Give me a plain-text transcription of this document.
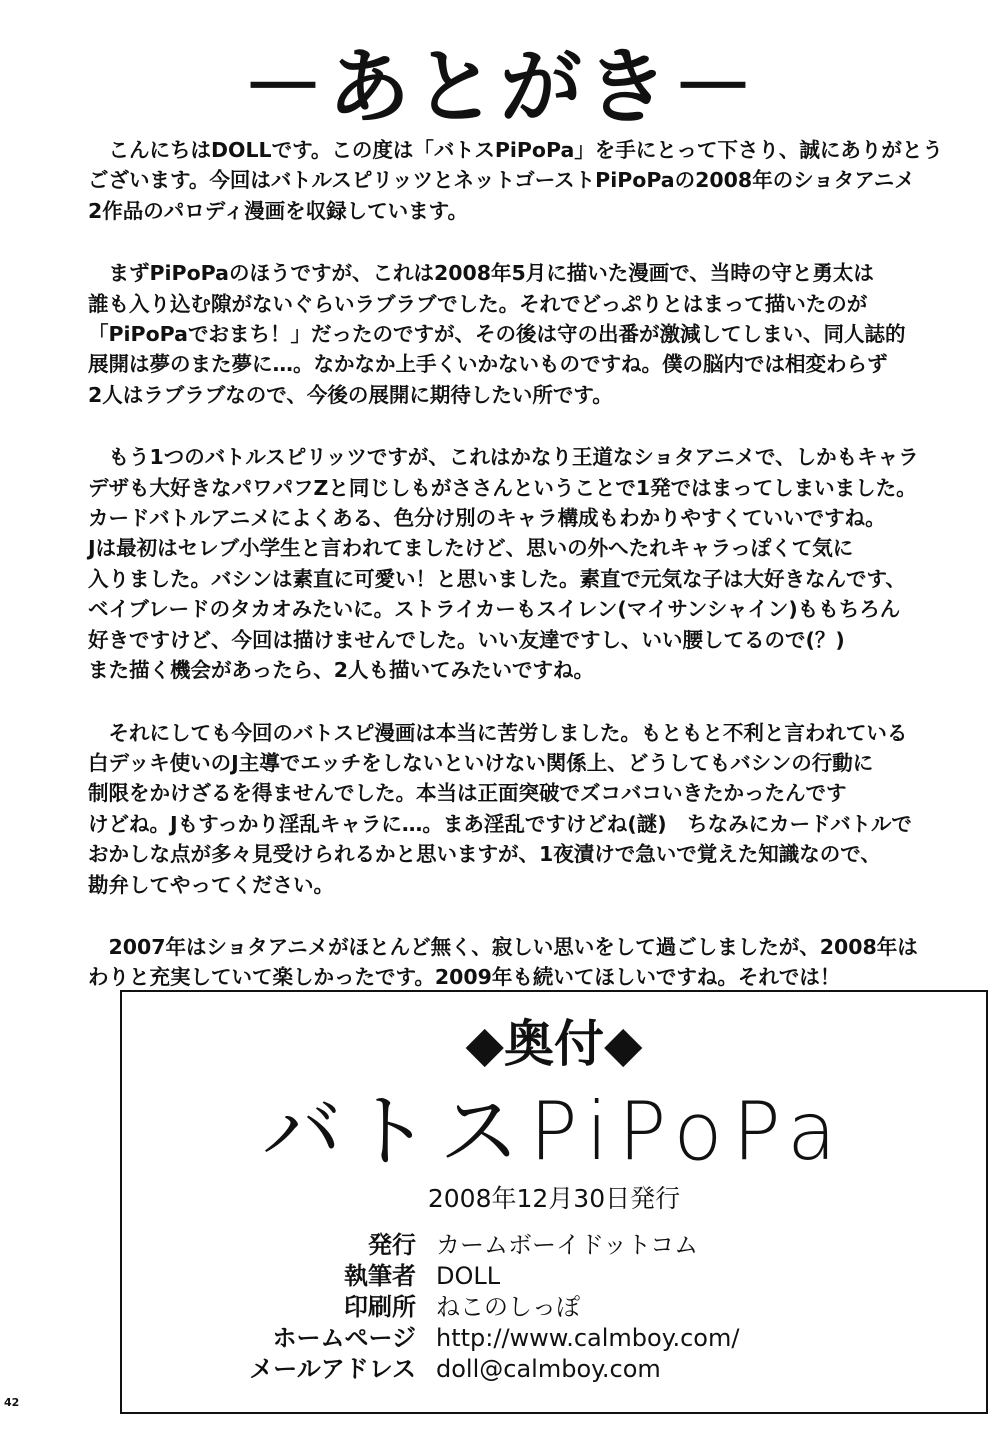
－あとがき－
　こんにちはDOLLです。この度は「バトスPiPoPa」を手にとって下さり、誠にありがとう
ございます。今回はバトルスピリッツとネットゴーストPiPoPaの2008年のショタアニメ
2作品のパロディ漫画を収録しています。
　まずPiPoPaのほうですが、これは2008年5月に描いた漫画で、当時の守と勇太は
誰も入り込む隙がないぐらいラブラブでした。それでどっぷりとはまって描いたのが
「PiPoPaでおまち！」だったのですが、その後は守の出番が激減してしまい、同人誌的
展開は夢のまた夢に…。なかなか上手くいかないものですね。僕の脳内では相変わらず
2人はラブラブなので、今後の展開に期待したい所です。
　もう1つのバトルスピリッツですが、これはかなり王道なショタアニメで、しかもキャラ
デザも大好きなパワパフZと同じしもがささんということで1発ではまってしまいました。
カードバトルアニメによくある、色分け別のキャラ構成もわかりやすくていいですね。
Jは最初はセレブ小学生と言われてましたけど、思いの外へたれキャラっぽくて気に
入りました。バシンは素直に可愛い！と思いました。素直で元気な子は大好きなんです、
ベイブレードのタカオみたいに。ストライカーもスイレン(マイサンシャイン)ももちろん
好きですけど、今回は描けませんでした。いい友達ですし、いい腰してるので(？)
また描く機会があったら、2人も描いてみたいですね。
　それにしても今回のバトスピ漫画は本当に苦労しました。もともと不利と言われている
白デッキ使いのJ主導でエッチをしないといけない関係上、どうしてもバシンの行動に
制限をかけざるを得ませんでした。本当は正面突破でズコバコいきたかったんです
けどね。Jもすっかり淫乱キャラに…。まあ淫乱ですけどね(謎)　ちなみにカードバトルで
おかしな点が多々見受けられるかと思いますが、1夜漬けで急いで覚えた知識なので、
勘弁してやってください。
　2007年はショタアニメがほとんど無く、寂しい思いをして過ごしましたが、2008年は
わりと充実していて楽しかったです。2009年も続いてほしいですね。それでは！
◆奥付◆
バトスPiPoPa
2008年12月30日発行
発行 カームボーイドットコム
執筆者 DOLL
印刷所 ねこのしっぽ
ホームページ http://www.calmboy.com/
メールアドレス doll@calmboy.com
42
